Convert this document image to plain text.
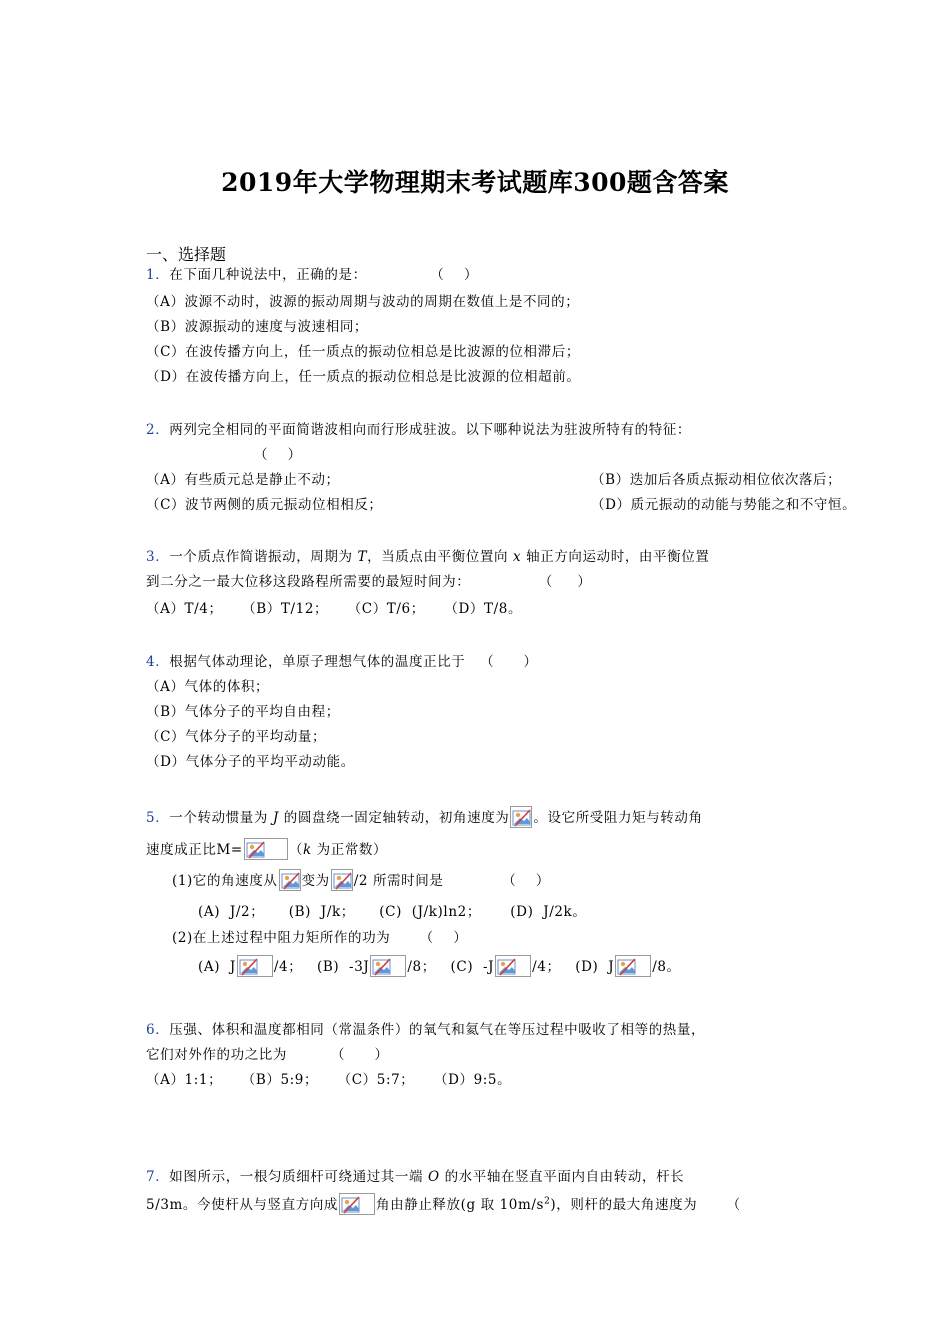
2019年大学物理期末考试题库300题含答案
一、选择题
1．在下面几种说法中，正确的是：             （    ）
（A）波源不动时，波源的振动周期与波动的周期在数值上是不同的；
（B）波源振动的速度与波速相同；
（C）在波传播方向上，任一质点的振动位相总是比波源的位相滞后；
（D）在波传播方向上，任一质点的振动位相总是比波源的位相超前。
2．两列完全相同的平面简谐波相向而行形成驻波。以下哪种说法为驻波所特有的特征：
（    ）
（A）有些质元总是静止不动；	（B）迭加后各质点振动相位依次落后；
（C）波节两侧的质元振动位相相反；	（D）质元振动的动能与势能之和不守恒。
3．一个质点作简谐振动，周期为 T，当质点由平衡位置向 x 轴正方向运动时，由平衡位置
到二分之一最大位移这段路程所需要的最短时间为：              （     ）
（A）T/4；    （B）T/12；    （C）T/6；    （D）T/8。
4．根据气体动理论，单原子理想气体的温度正比于   （      ）
（A）气体的体积；
（B）气体分子的平均自由程；
（C）气体分子的平均动量；
（D）气体分子的平均平动动能。
5．一个转动惯量为 J 的圆盘绕一固定轴转动，初角速度为 。设它所受阻力矩与转动角
速度成正比M=	（k 为正常数）
(1)它的角速度从 变为 /2 所需时间是            （    ）
(A)  J/2；     (B)  J/k；     (C)  (J/k)ln2；      (D)  J/2k。
(2)在上述过程中阻力矩所作的功为      （    ）
(A)  J	/4；   (B)  -3J	/8；   (C)  -J	/4；   (D)  J	/8。
6．压强、体积和温度都相同（常温条件）的氧气和氦气在等压过程中吸收了相等的热量，
它们对外作的功之比为         （      ）
（A）1:1；    （B）5:9；    （C）5:7；    （D）9:5。
7．如图所示，一根匀质细杆可绕通过其一端 O 的水平轴在竖直平面内自由转动，杆长
5/3m。今使杆从与竖直方向成	角由静止释放(g 取 $10m/s^2$)，则杆的最大角速度为      （
